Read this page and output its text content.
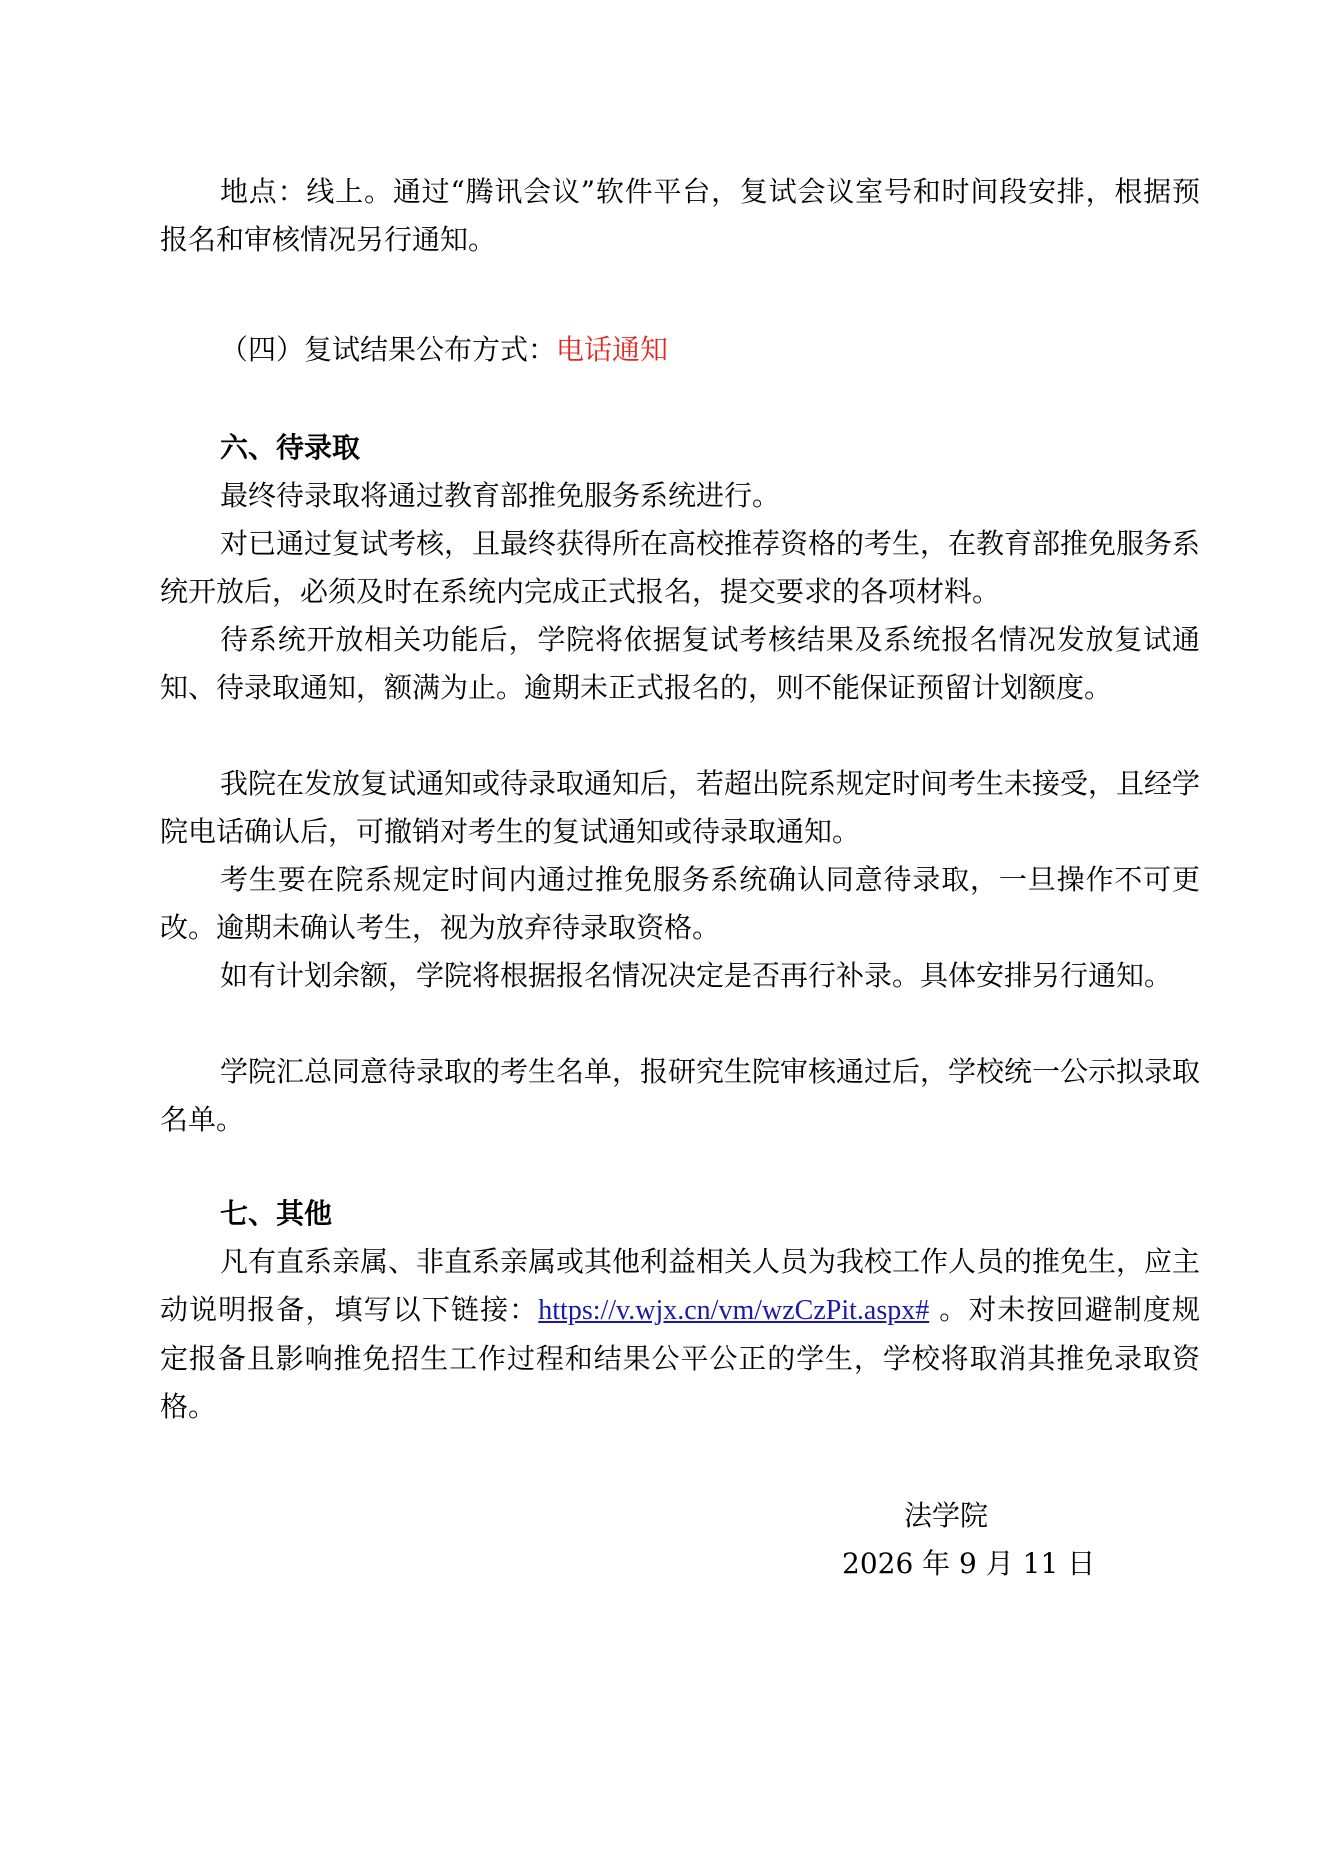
地点：线上。通过“腾讯会议”软件平台，复试会议室号和时间段安排，根据预报名和审核情况另行通知。

（四）复试结果公布方式：电话通知

六、待录取

最终待录取将通过教育部推免服务系统进行。

对已通过复试考核，且最终获得所在高校推荐资格的考生，在教育部推免服务系统开放后，必须及时在系统内完成正式报名，提交要求的各项材料。

待系统开放相关功能后，学院将依据复试考核结果及系统报名情况发放复试通知、待录取通知，额满为止。逾期未正式报名的，则不能保证预留计划额度。

我院在发放复试通知或待录取通知后，若超出院系规定时间考生未接受，且经学院电话确认后，可撤销对考生的复试通知或待录取通知。

考生要在院系规定时间内通过推免服务系统确认同意待录取，一旦操作不可更改。逾期未确认考生，视为放弃待录取资格。

如有计划余额，学院将根据报名情况决定是否再行补录。具体安排另行通知。

学院汇总同意待录取的考生名单，报研究生院审核通过后，学校统一公示拟录取名单。

七、其他

凡有直系亲属、非直系亲属或其他利益相关人员为我校工作人员的推免生，应主动说明报备，填写以下链接：https://v.wjx.cn/vm/wzCzPit.aspx# 。对未按回避制度规定报备且影响推免招生工作过程和结果公平公正的学生，学校将取消其推免录取资格。

法学院

2026 年 9 月 11 日
